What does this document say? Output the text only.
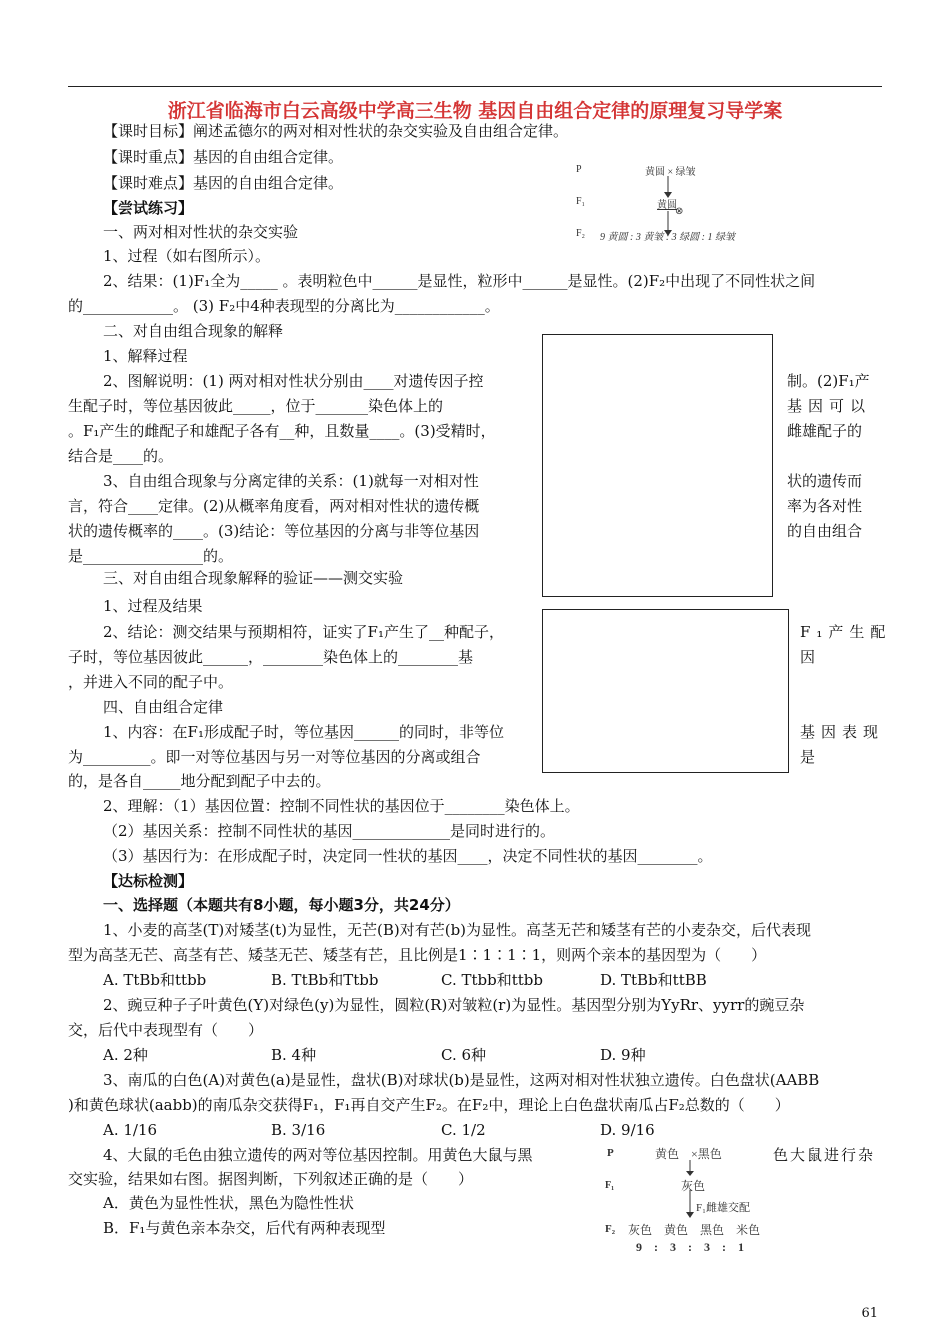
浙江省临海市白云高级中学高三生物 基因自由组合定律的原理复习导学案
P	黄圆 × 绿皱
F₁	黄圆
⊗
F₂ 9 黄圆 : 3 黄皱 : 3 绿圆 : 1 绿皱
【课时目标】阐述孟德尔的两对相对性状的杂交实验及自由组合定律。
【课时重点】基因的自由组合定律。
【课时难点】基因的自由组合定律。
【尝试练习】
一、两对相对性状的杂交实验
1、过程（如右图所示）。
2、结果：(1)F₁全为_____ 。表明粒色中______是显性，粒形中______是显性。(2)F₂中出现了不同性状之间
的____________。 (3) F₂中4种表现型的分离比为____________。
二、对自由组合现象的解释
1、解释过程
2、图解说明：(1) 两对相对性状分别由____对遗传因子控
生配子时，等位基因彼此_____，位于_______染色体上的
。F₁产生的雌配子和雄配子各有__种，且数量____。(3)受精时，
结合是____的。
3、自由组合现象与分离定律的关系：(1)就每一对相对性
言，符合____定律。(2)从概率角度看，两对相对性状的遗传概
状的遗传概率的____。(3)结论：等位基因的分离与非等位基因
是________________的。
三、对自由组合现象解释的验证——测交实验
1、过程及结果
2、结论：测交结果与预期相符，证实了F₁产生了__种配子，
子时，等位基因彼此______，________染色体上的________基
，并进入不同的配子中。
四、自由组合定律
1、内容：在F₁形成配子时，等位基因______的同时，非等位
为_________。即一对等位基因与另一对等位基因的分离或组合
的，是各自_____地分配到配子中去的。
2、理解：（1）基因位置：控制不同性状的基因位于________染色体上。
（2）基因关系：控制不同性状的基因_____________是同时进行的。
（3）基因行为：在形成配子时，决定同一性状的基因____，决定不同性状的基因________。
【达标检测】
一、选择题（本题共有8小题，每小题3分，共24分）
1、小麦的高茎(T)对矮茎(t)为显性，无芒(B)对有芒(b)为显性。高茎无芒和矮茎有芒的小麦杂交，后代表现
型为高茎无芒、高茎有芒、矮茎无芒、矮茎有芒，且比例是1∶1∶1∶1，则两个亲本的基因型为（　　）
A. TtBb和ttbb	B. TtBb和Ttbb	C. Ttbb和ttbb	D. TtBb和ttBB
2、豌豆种子子叶黄色(Y)对绿色(y)为显性，圆粒(R)对皱粒(r)为显性。基因型分别为YyRr、yyrr的豌豆杂
交，后代中表现型有（　　）
A. 2种	B. 4种	C. 6种	D. 9种
3、南瓜的白色(A)对黄色(a)是显性，盘状(B)对球状(b)是显性，这两对相对性状独立遗传。白色盘状(AABB
)和黄色球状(aabb)的南瓜杂交获得F₁，F₁再自交产生F₂。在F₂中，理论上白色盘状南瓜占F₂总数的（　　）
A. 1/16	B. 3/16	C. 1/2	D. 9/16
4、大鼠的毛色由独立遗传的两对等位基因控制。用黄色大鼠与黑
交实验，结果如右图。据图判断，下列叙述正确的是（　　）
A．黄色为显性性状，黑色为隐性性状
B．F₁与黄色亲本杂交，后代有两种表现型
制。(2)F₁产
基因可以
雌雄配子的
状的遗传而
率为各对性
的自由组合
F₁产生配
因
基因表现
是
色大鼠进行杂
P	黄色　×黑色
F₁	灰色
F₁雌雄交配
F₂ 灰色　黄色　黑色　米色
9　:　3　:　3　:　1
61
